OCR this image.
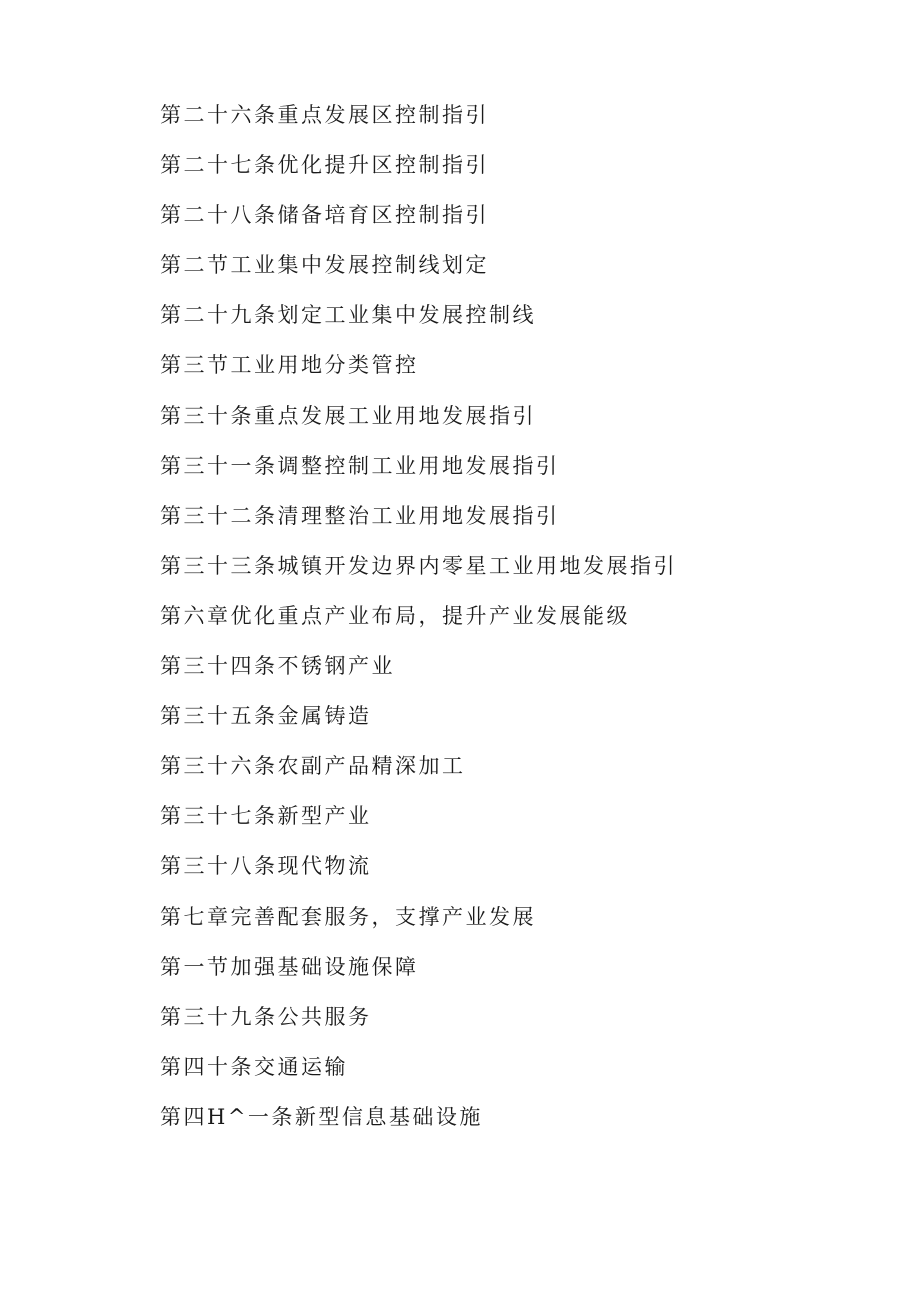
第二十六条重点发展区控制指引
第二十七条优化提升区控制指引
第二十八条储备培育区控制指引
第二节工业集中发展控制线划定
第二十九条划定工业集中发展控制线
第三节工业用地分类管控
第三十条重点发展工业用地发展指引
第三十一条调整控制工业用地发展指引
第三十二条清理整治工业用地发展指引
第三十三条城镇开发边界内零星工业用地发展指引
第六章优化重点产业布局，提升产业发展能级
第三十四条不锈钢产业
第三十五条金属铸造
第三十六条农副产品精深加工
第三十七条新型产业
第三十八条现代物流
第七章完善配套服务，支撑产业发展
第一节加强基础设施保障
第三十九条公共服务
第四十条交通运输
第四H^一条新型信息基础设施
